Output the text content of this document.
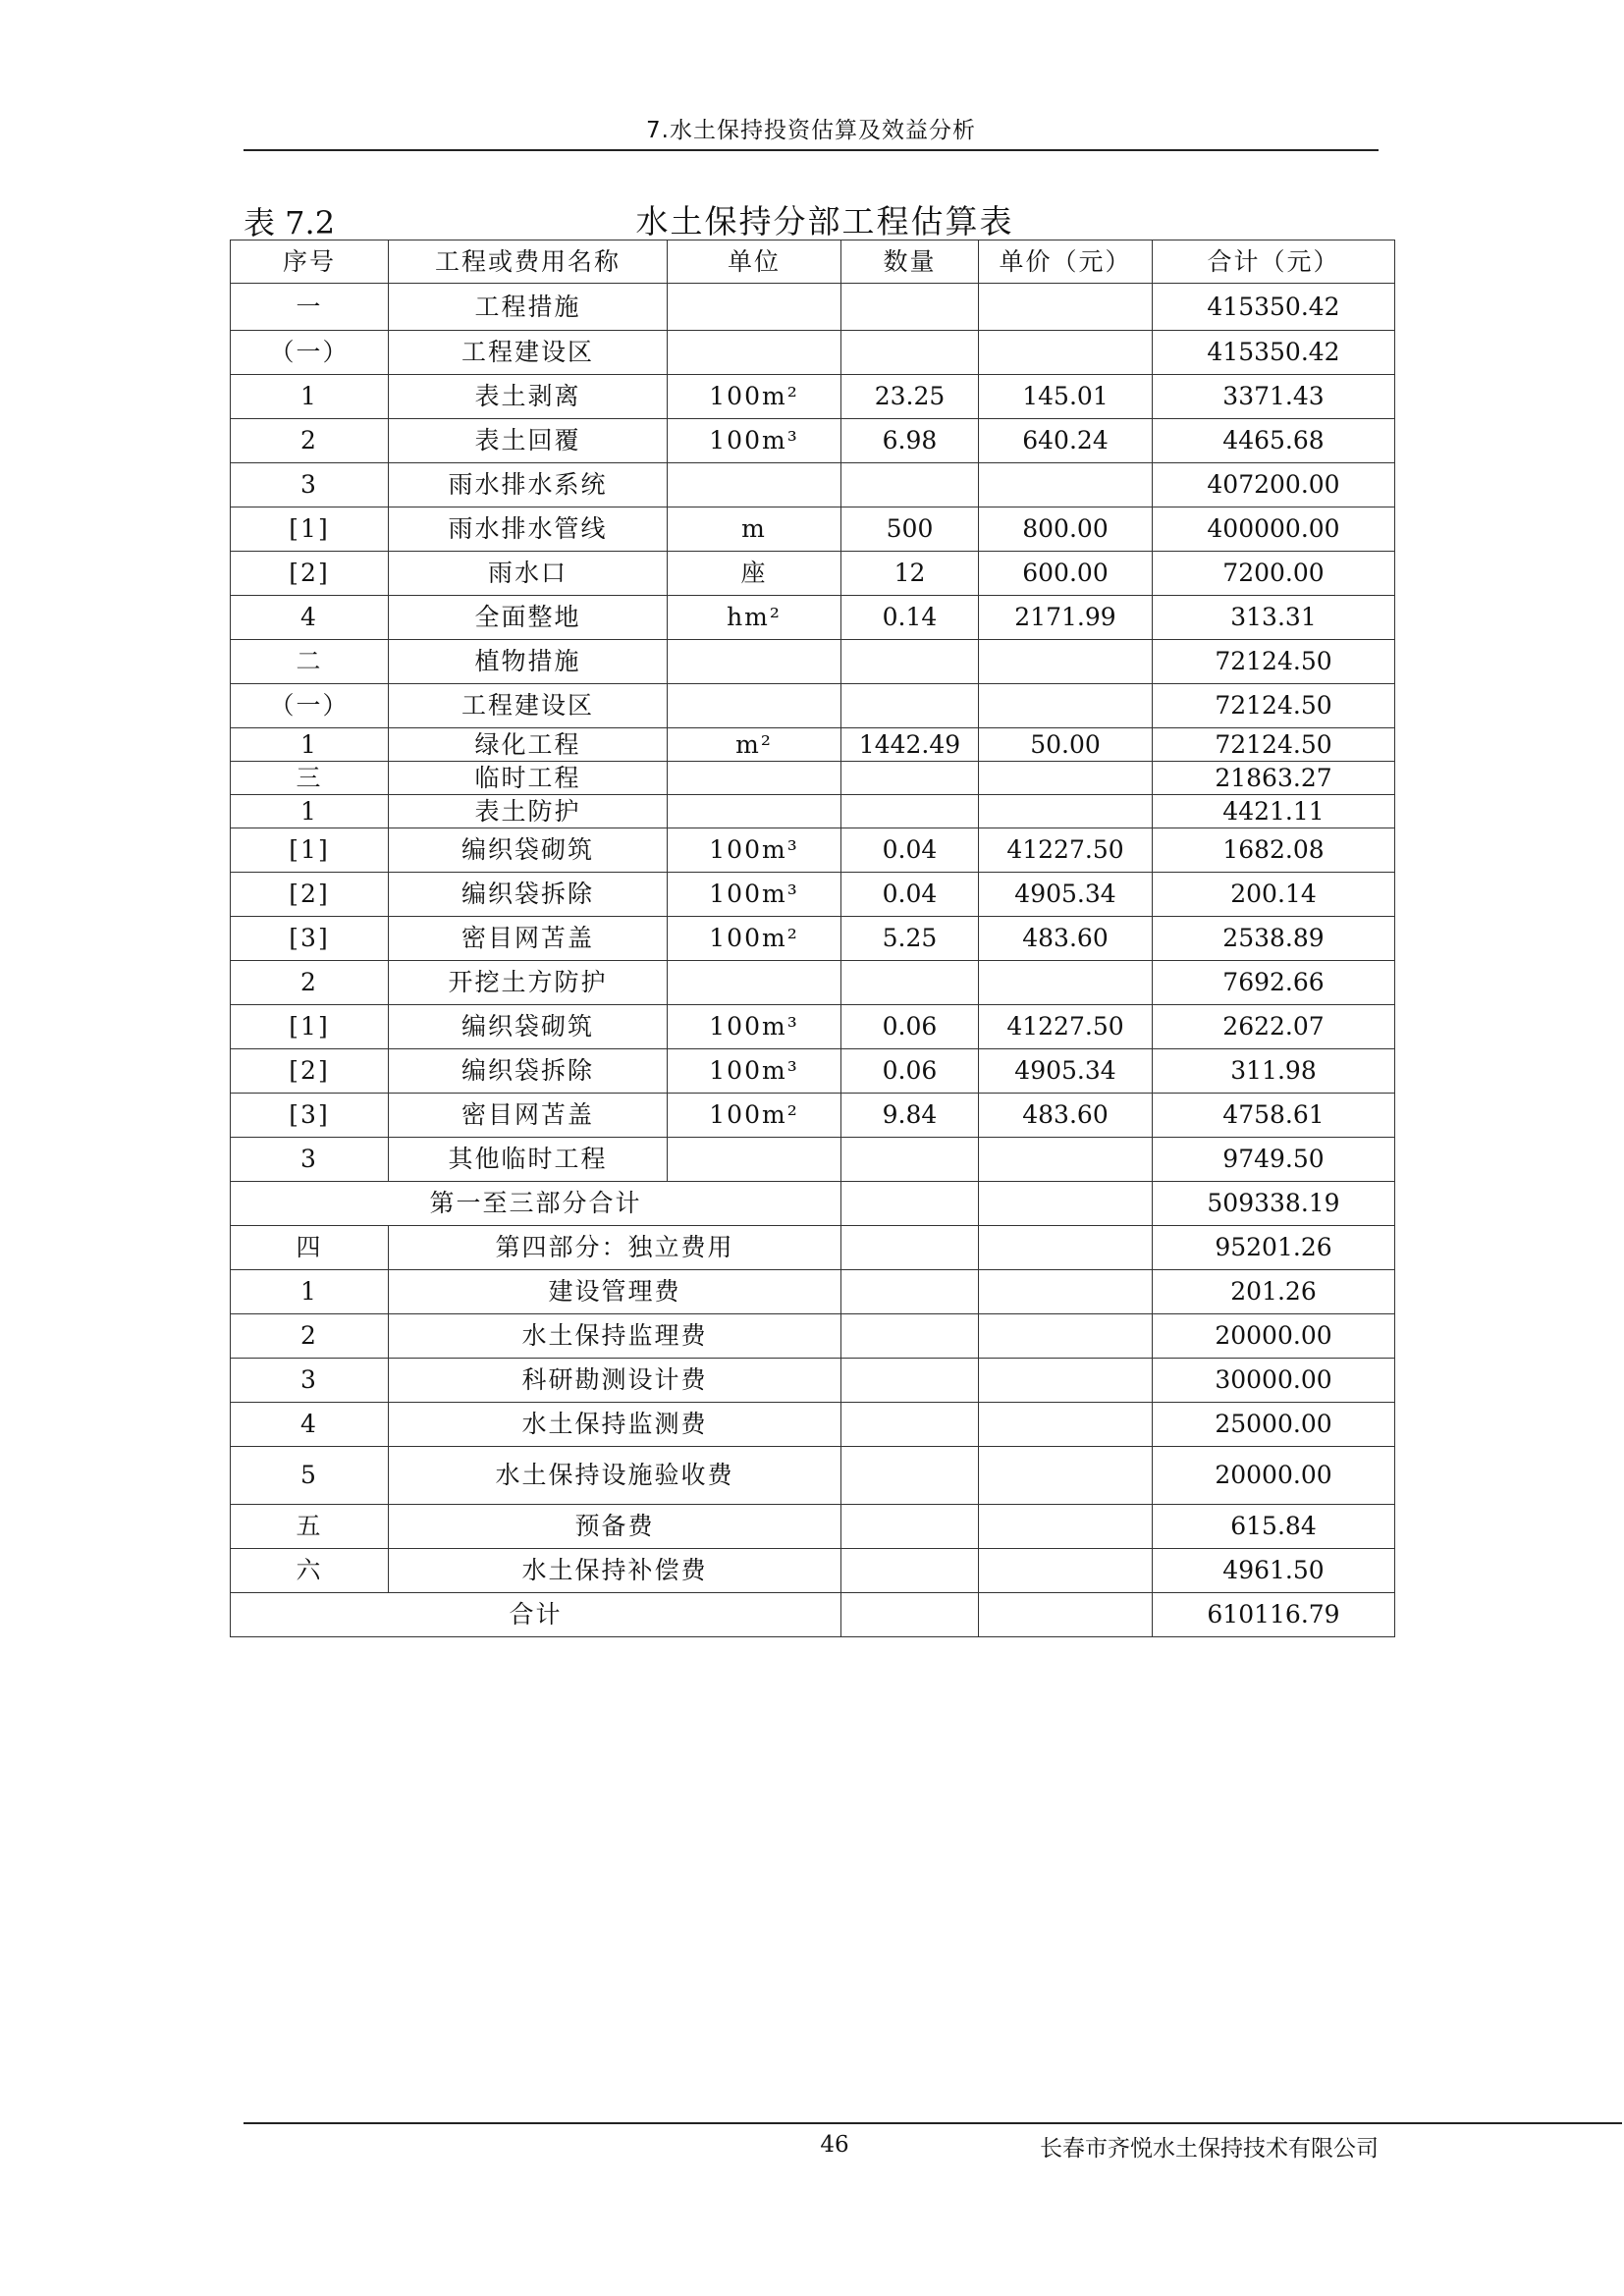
7.水土保持投资估算及效益分析
表 7.2	水土保持分部工程估算表
序号	工程或费用名称	单位	数量	单价（元）	合计（元）
一	工程措施				415350.42
（一）	工程建设区				415350.42
1	表土剥离	100m²	23.25	145.01	3371.43
2	表土回覆	100m³	6.98	640.24	4465.68
3	雨水排水系统				407200.00
[1]	雨水排水管线	m	500	800.00	400000.00
[2]	雨水口	座	12	600.00	7200.00
4	全面整地	hm²	0.14	2171.99	313.31
二	植物措施				72124.50
（一）	工程建设区				72124.50
1	绿化工程	m²	1442.49	50.00	72124.50
三	临时工程				21863.27
1	表土防护				4421.11
[1]	编织袋砌筑	100m³	0.04	41227.50	1682.08
[2]	编织袋拆除	100m³	0.04	4905.34	200.14
[3]	密目网苫盖	100m²	5.25	483.60	2538.89
2	开挖土方防护				7692.66
[1]	编织袋砌筑	100m³	0.06	41227.50	2622.07
[2]	编织袋拆除	100m³	0.06	4905.34	311.98
[3]	密目网苫盖	100m²	9.84	483.60	4758.61
3	其他临时工程				9749.50
第一至三部分合计					509338.19
四	第四部分：独立费用				95201.26
1	建设管理费				201.26
2	水土保持监理费				20000.00
3	科研勘测设计费				30000.00
4	水土保持监测费				25000.00
5	水土保持设施验收费				20000.00
五	预备费				615.84
六	水土保持补偿费				4961.50
合计					610116.79
46	长春市齐悦水土保持技术有限公司
